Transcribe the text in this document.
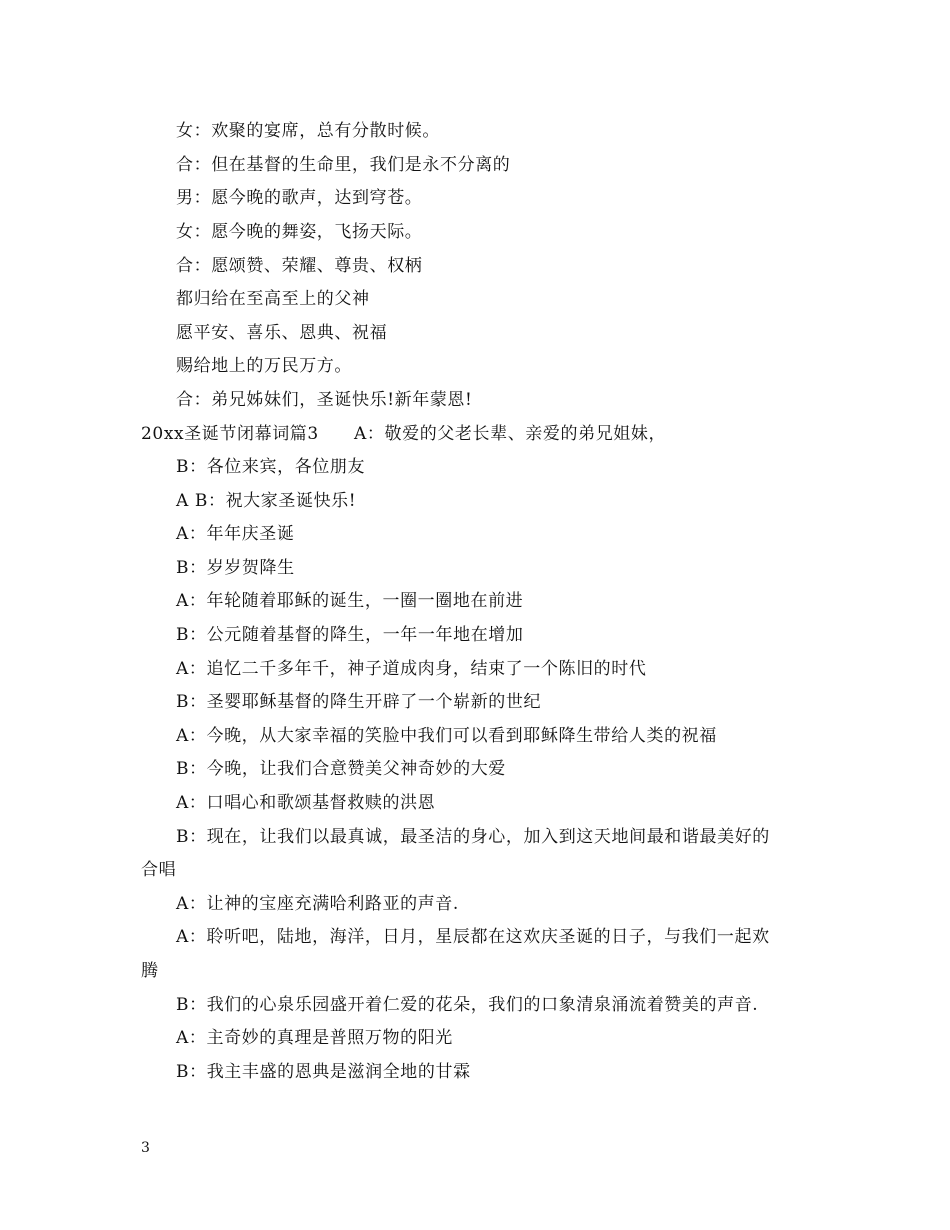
女：欢聚的宴席，总有分散时候。
合：但在基督的生命里，我们是永不分离的
男：愿今晚的歌声，达到穹苍。
女：愿今晚的舞姿，飞扬天际。
合：愿颂赞、荣耀、尊贵、权柄
都归给在至高至上的父神
愿平安、喜乐、恩典、祝福
赐给地上的万民万方。
合：弟兄姊妹们，圣诞快乐!新年蒙恩!
20xx圣诞节闭幕词篇3　　A：敬爱的父老长辈、亲爱的弟兄姐妹，
B：各位来宾，各位朋友
A B：祝大家圣诞快乐!
A：年年庆圣诞
B：岁岁贺降生
A：年轮随着耶稣的诞生，一圈一圈地在前进
B：公元随着基督的降生，一年一年地在增加
A：追忆二千多年千，神子道成肉身，结束了一个陈旧的时代
B：圣婴耶稣基督的降生开辟了一个崭新的世纪
A：今晚，从大家幸福的笑脸中我们可以看到耶稣降生带给人类的祝福
B：今晚，让我们合意赞美父神奇妙的大爱
A：口唱心和歌颂基督救赎的洪恩
B：现在，让我们以最真诚，最圣洁的身心，加入到这天地间最和谐最美好的
合唱
A：让神的宝座充满哈利路亚的声音.
A：聆听吧，陆地，海洋，日月，星辰都在这欢庆圣诞的日子，与我们一起欢
腾
B：我们的心泉乐园盛开着仁爱的花朵，我们的口象清泉涌流着赞美的声音.
A：主奇妙的真理是普照万物的阳光
B：我主丰盛的恩典是滋润全地的甘霖
3
